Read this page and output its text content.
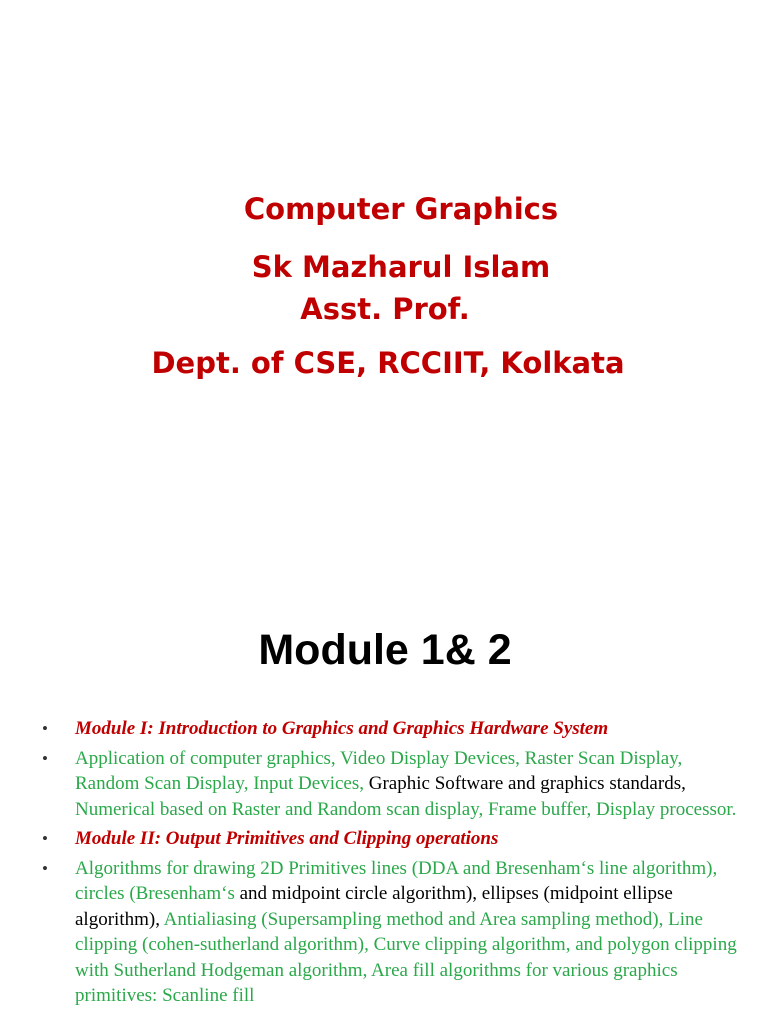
Computer Graphics
Sk Mazharul Islam
Asst. Prof.
Dept. of CSE, RCCIIT, Kolkata
Module 1& 2
• Module I: Introduction to Graphics and Graphics Hardware System
• Application of computer graphics, Video Display Devices, Raster Scan Display, Random Scan Display, Input Devices, Graphic Software and graphics standards, Numerical based on Raster and Random scan display, Frame buffer, Display processor.
• Module II: Output Primitives and Clipping operations
• Algorithms for drawing 2D Primitives lines (DDA and Bresenham‘s line algorithm), circles (Bresenham‘s and midpoint circle algorithm), ellipses (midpoint ellipse algorithm), Antialiasing (Supersampling method and Area sampling method), Line clipping (cohen-sutherland algorithm), Curve clipping algorithm, and polygon clipping with Sutherland Hodgeman algorithm, Area fill algorithms for various graphics primitives: Scanline fill
